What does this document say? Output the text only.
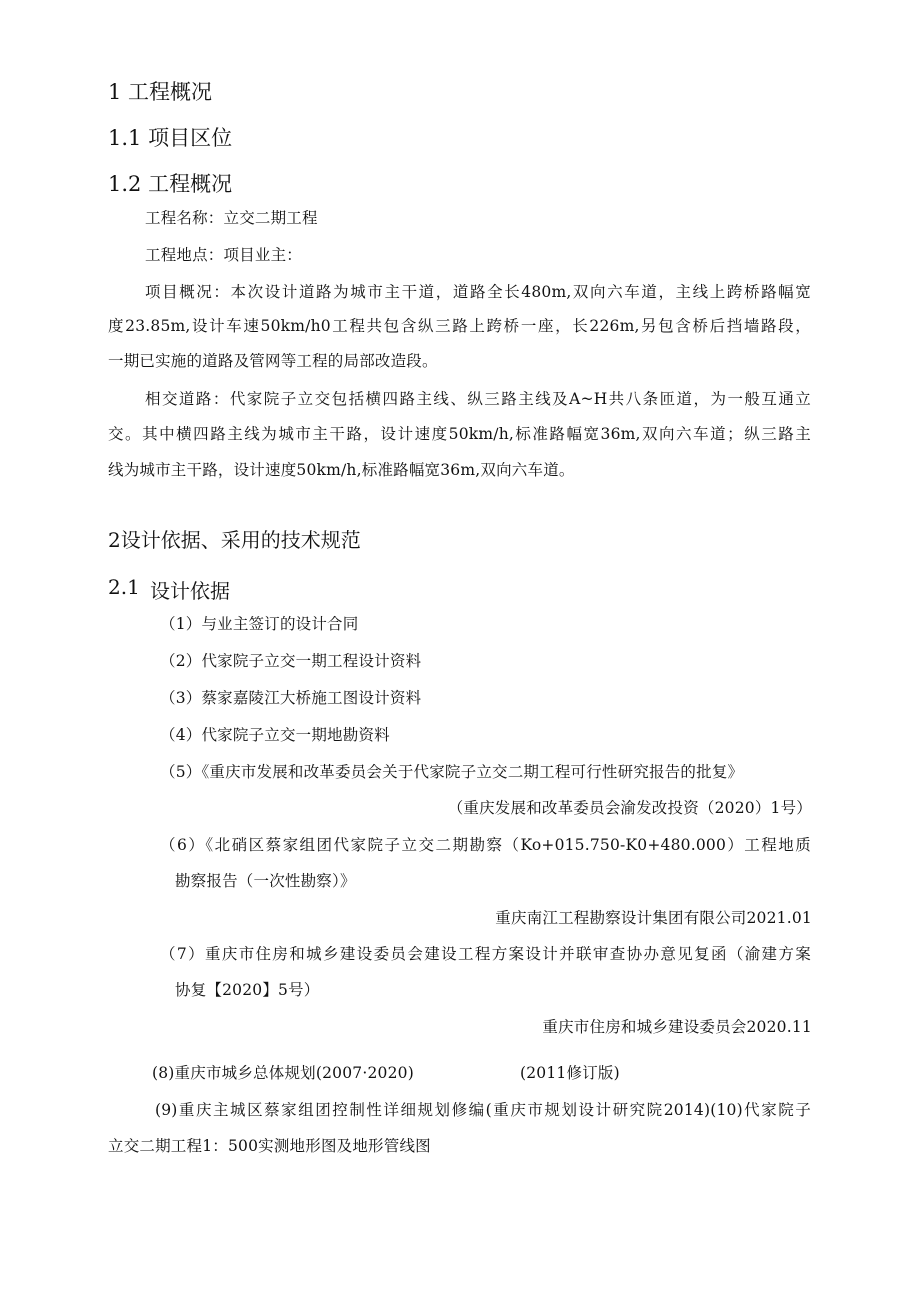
1 工程概况
1.1 项目区位
1.2 工程概况
工程名称：立交二期工程
工程地点：项目业主：
项目概况：本次设计道路为城市主干道，道路全长480m,双向六车道，主线上跨桥路幅宽
度23.85m,设计车速50km∕h0工程共包含纵三路上跨桥一座，长226m,另包含桥后挡墙路段，
一期已实施的道路及管网等工程的局部改造段。
相交道路：代家院子立交包括横四路主线、纵三路主线及A~H共八条匝道，为一般互通立
交。其中横四路主线为城市主干路，设计速度50km∕h,标准路幅宽36m,双向六车道；纵三路主
线为城市主干路，设计速度50km∕h,标准路幅宽36m,双向六车道。
2设计依据、采用的技术规范
2.1 设计依据
（1）与业主签订的设计合同
（2）代家院子立交一期工程设计资料
（3）蔡家嘉陵江大桥施工图设计资料
（4）代家院子立交一期地勘资料
（5）《重庆市发展和改革委员会关于代家院子立交二期工程可行性研究报告的批复》
（重庆发展和改革委员会渝发改投资（2020）1号）
（6）《北硝区蔡家组团代家院子立交二期勘察（Ko+015.750-K0+480.000）工程地质
勘察报告（一次性勘察）》
重庆南江工程勘察设计集团有限公司2021.01
（7）重庆市住房和城乡建设委员会建设工程方案设计并联审查协办意见复函（渝建方案
协复【2020】5号）
重庆市住房和城乡建设委员会2020.11
(8)重庆市城乡总体规划(2007·2020)	(2011修订版)
(9)重庆主城区蔡家组团控制性详细规划修编(重庆市规划设计研究院2014)(10)代家院子
立交二期工程1：500实测地形图及地形管线图
